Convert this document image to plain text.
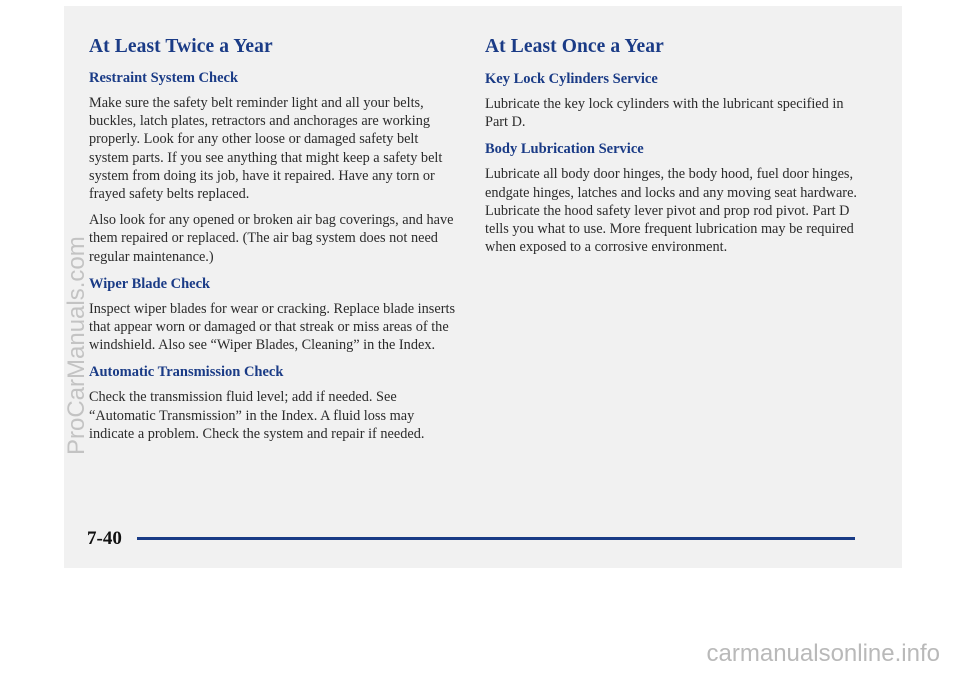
At Least Twice a Year
Restraint System Check

Make sure the safety belt reminder light and all your belts, buckles, latch plates, retractors and anchorages are working properly. Look for any other loose or damaged safety belt system parts. If you see anything that might keep a safety belt system from doing its job, have it repaired. Have any torn or frayed safety belts replaced.

Also look for any opened or broken air bag coverings, and have them repaired or replaced. (The air bag system does not need regular maintenance.)

Wiper Blade Check

Inspect wiper blades for wear or cracking. Replace blade inserts that appear worn or damaged or that streak or miss areas of the windshield. Also see “Wiper Blades, Cleaning” in the Index.

Automatic Transmission Check

Check the transmission fluid level; add if needed. See “Automatic Transmission” in the Index. A fluid loss may indicate a problem. Check the system and repair if needed.

At Least Once a Year
Key Lock Cylinders Service

Lubricate the key lock cylinders with the lubricant specified in Part D.

Body Lubrication Service

Lubricate all body door hinges, the body hood, fuel door hinges, endgate hinges, latches and locks and any moving seat hardware. Lubricate the hood safety lever pivot and prop rod pivot. Part D tells you what to use. More frequent lubrication may be required when exposed to a corrosive environment.

7-40
ProCarManuals.com
carmanualsonline.info
